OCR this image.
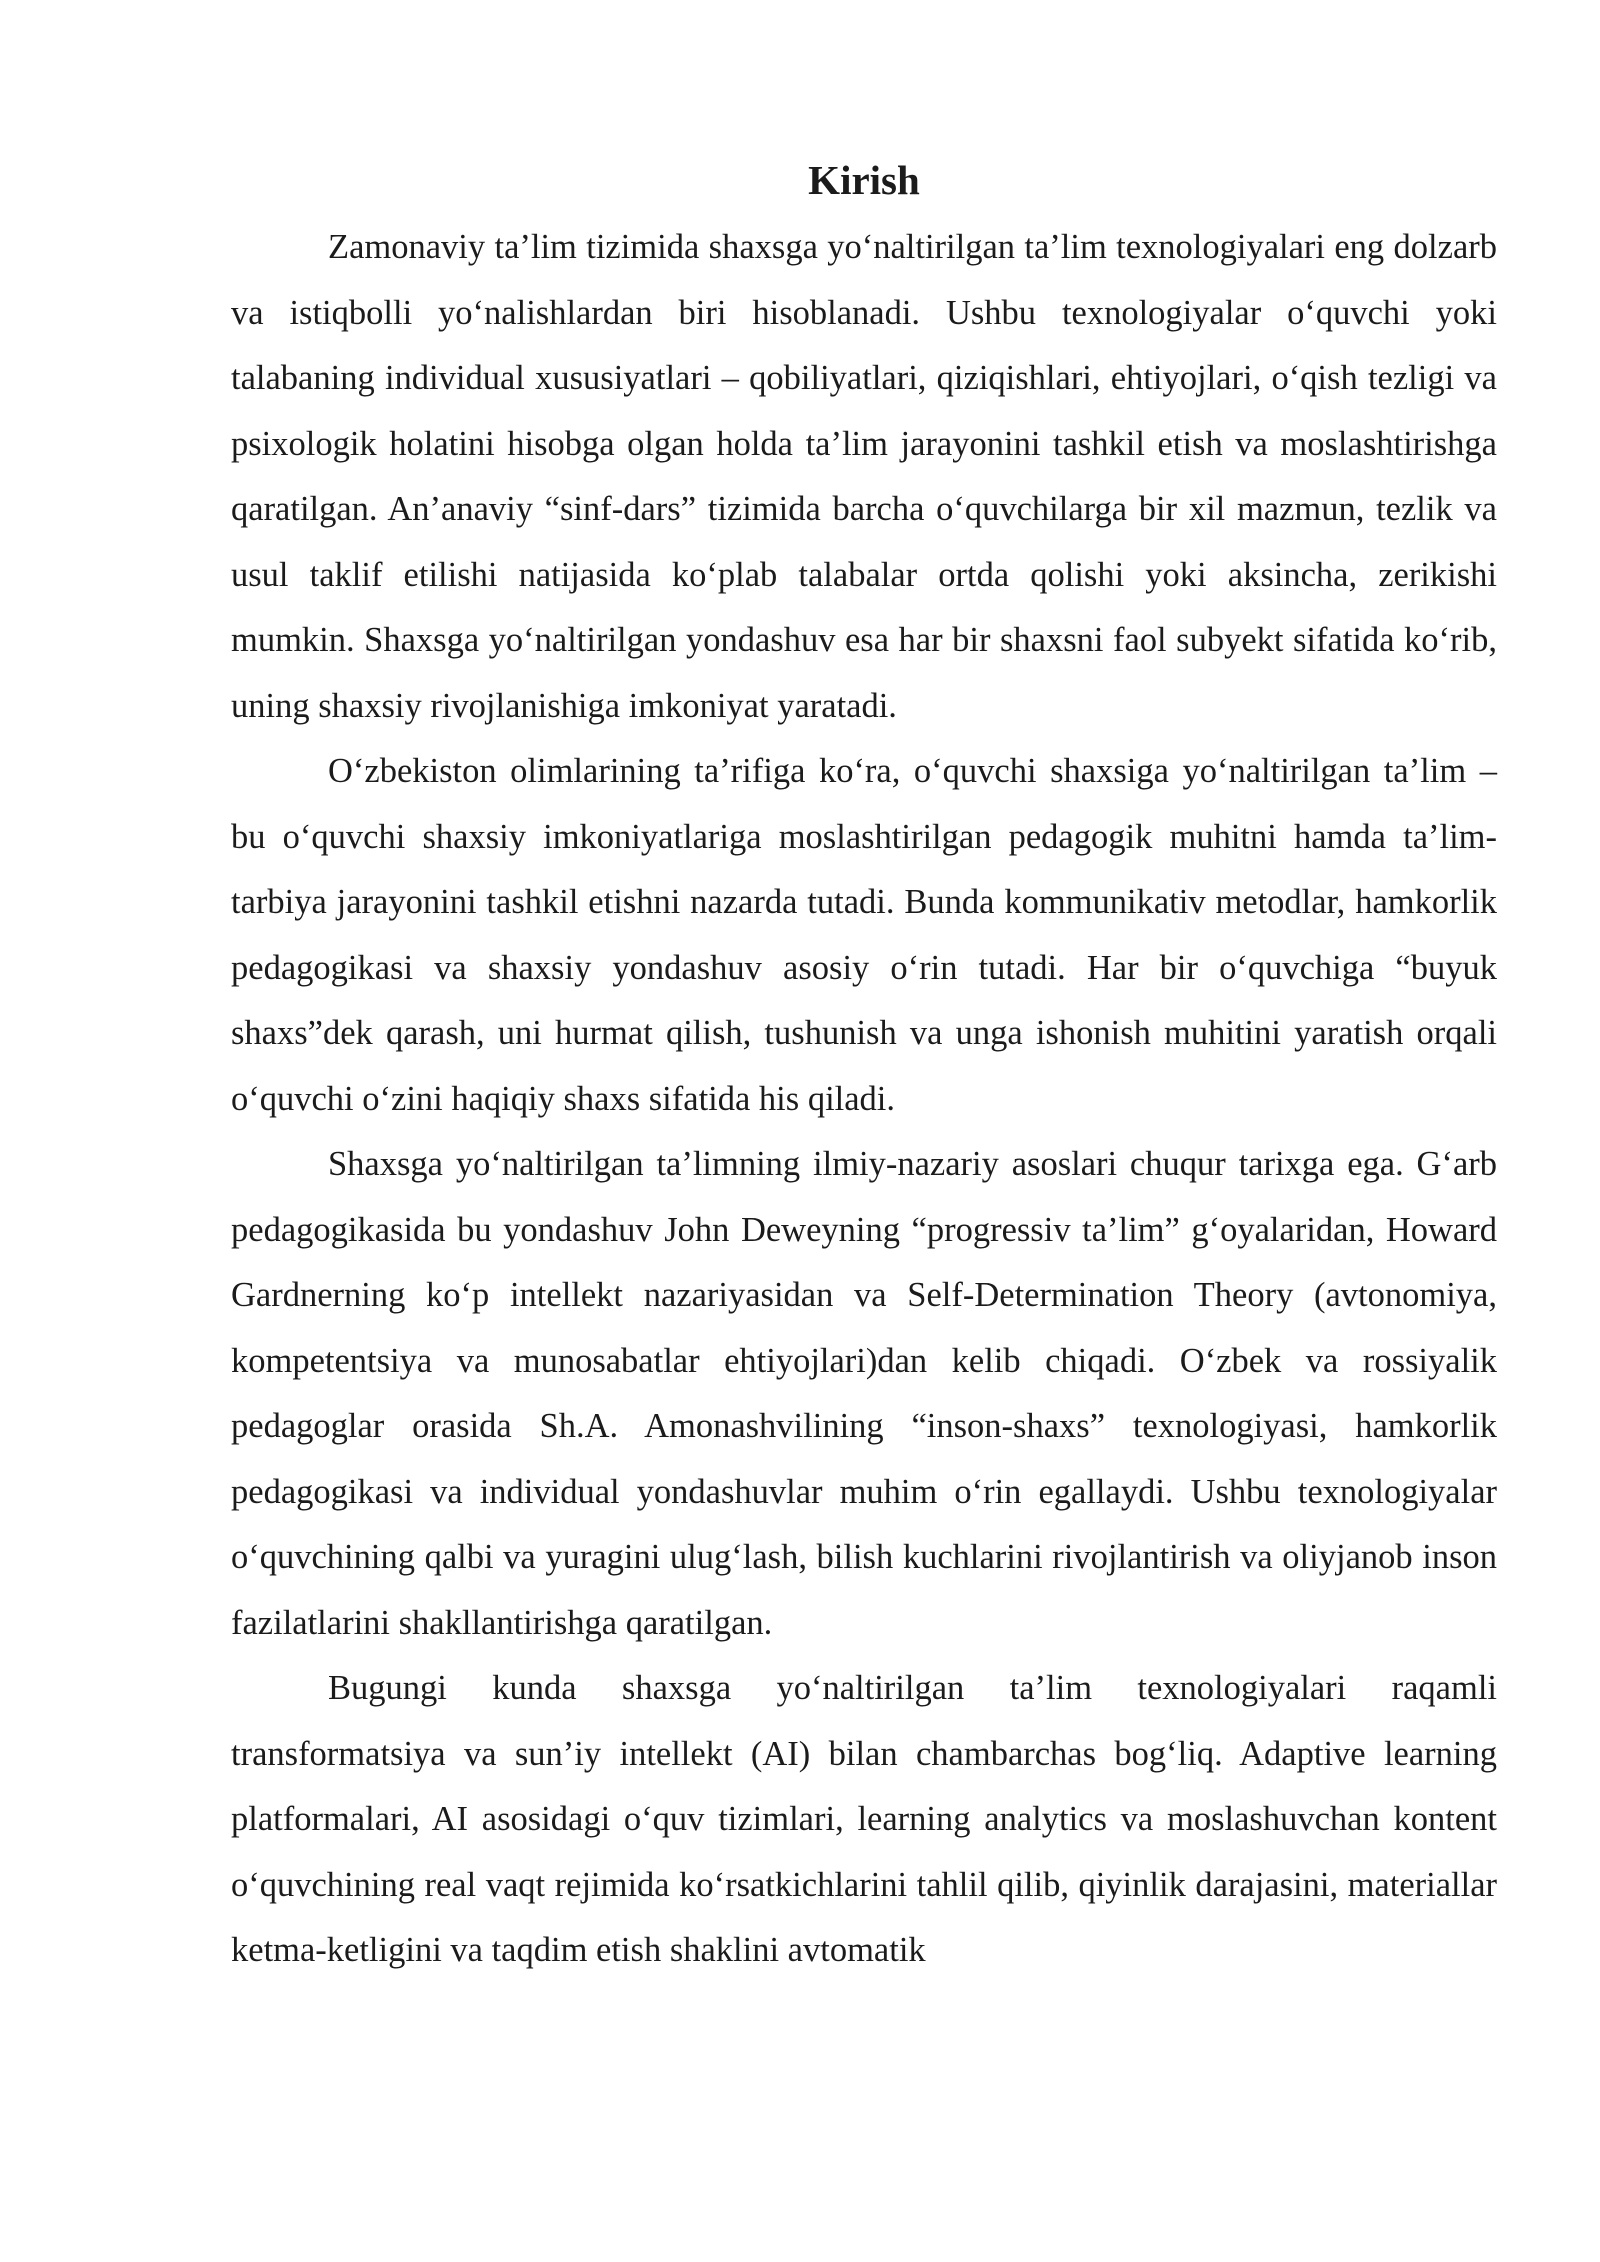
Kirish

Zamonaviy ta’lim tizimida shaxsga yo‘naltirilgan ta’lim texnologiyalari eng dolzarb va istiqbolli yo‘nalishlardan biri hisoblanadi. Ushbu texnologiyalar o‘quvchi yoki talabaning individual xususiyatlari – qobiliyatlari, qiziqishlari, ehtiyojlari, o‘qish tezligi va psixologik holatini hisobga olgan holda ta’lim jarayonini tashkil etish va moslashtirishga qaratilgan. An’anaviy “sinf-dars” tizimida barcha o‘quvchilarga bir xil mazmun, tezlik va usul taklif etilishi natijasida ko‘plab talabalar ortda qolishi yoki aksincha, zerikishi mumkin. Shaxsga yo‘naltirilgan yondashuv esa har bir shaxsni faol subyekt sifatida ko‘rib, uning shaxsiy rivojlanishiga imkoniyat yaratadi.

O‘zbekiston olimlarining ta’rifiga ko‘ra, o‘quvchi shaxsiga yo‘naltirilgan ta’lim – bu o‘quvchi shaxsiy imkoniyatlariga moslashtirilgan pedagogik muhitni hamda ta’lim-tarbiya jarayonini tashkil etishni nazarda tutadi. Bunda kommunikativ metodlar, hamkorlik pedagogikasi va shaxsiy yondashuv asosiy o‘rin tutadi. Har bir o‘quvchiga “buyuk shaxs”dek qarash, uni hurmat qilish, tushunish va unga ishonish muhitini yaratish orqali o‘quvchi o‘zini haqiqiy shaxs sifatida his qiladi.

Shaxsga yo‘naltirilgan ta’limning ilmiy-nazariy asoslari chuqur tarixga ega. G‘arb pedagogikasida bu yondashuv John Deweyning “progressiv ta’lim” g‘oyalaridan, Howard Gardnerning ko‘p intellekt nazariyasidan va Self-Determination Theory (avtonomiya, kompetentsiya va munosabatlar ehtiyojlari)dan kelib chiqadi. O‘zbek va rossiyalik pedagoglar orasida Sh.A. Amonashvilining “inson-shaxs” texnologiyasi, hamkorlik pedagogikasi va individual yondashuvlar muhim o‘rin egallaydi. Ushbu texnologiyalar o‘quvchining qalbi va yuragini ulug‘lash, bilish kuchlarini rivojlantirish va oliyjanob inson fazilatlarini shakllantirishga qaratilgan.

Bugungi kunda shaxsga yo‘naltirilgan ta’lim texnologiyalari raqamli transformatsiya va sun’iy intellekt (AI) bilan chambarchas bog‘liq. Adaptive learning platformalari, AI asosidagi o‘quv tizimlari, learning analytics va moslashuvchan kontent o‘quvchining real vaqt rejimida ko‘rsatkichlarini tahlil qilib, qiyinlik darajasini, materiallar ketma-ketligini va taqdim etish shaklini avtomatik
